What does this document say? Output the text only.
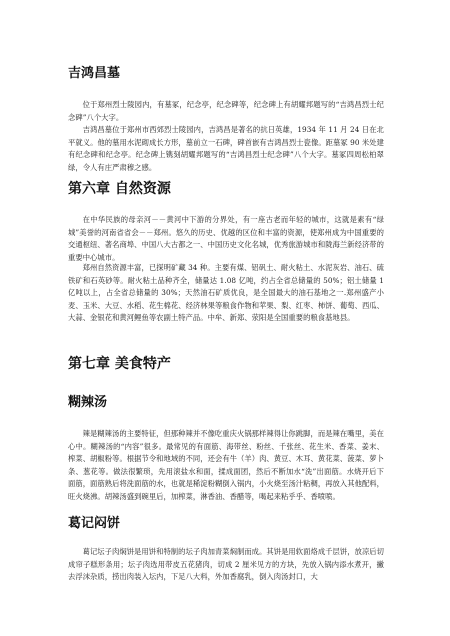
吉鸿昌墓

位于郑州烈士陵园内，有墓冢，纪念亭，纪念碑等，纪念碑上有胡耀邦题写的“吉鸿昌烈士纪念碑”八个大字。

吉鸿昌墓位于郑州市西郊烈士陵园内，吉鸿昌是著名的抗日英雄，1934 年 11 月 24 日在北平就义。他的墓用水泥砌成长方形，墓前立一石碑，碑首嵌有吉鸿昌烈士瓷像。距墓冢 90 米处建有纪念碑和纪念亭。纪念碑上镌刻胡耀邦题写的“吉鸿昌烈士纪念碑”八个大字。墓冢四周松柏翠绿，令人有庄严肃穆之感。

第六章 自然资源

在中华民族的母亲河－－黄河中下游的分界处，有一座古老而年轻的城市，这就是素有“绿城”美誉的河南省省会－－郑州。悠久的历史、优越的区位和丰富的资源，使郑州成为中国重要的交通枢纽、著名商埠、中国八大古都之一、中国历史文化名城，优秀旅游城市和陇海兰新经济带的重要中心城市。

郑州自然资源丰富，已探明矿藏 34 种。主要有煤、铝矾土、耐火粘土、水泥灰岩、油石、硫铁矿和石英砂等。耐火粘土品种齐全，储量达 1.08 亿吨，约占全省总储量的 50%；铝土储量 1 亿吨以上，占全省总储量的 30%；天然油石矿质优良，是全国最大的油石基地之一.郑州盛产小麦、玉米、大豆、水稻、花生棉花、经济林果等粮食作物和苹果、梨、红枣、柿饼、葡萄、西瓜、大蒜、金银花和黄河鲤鱼等农副土特产品。中牟、新郑、荥阳是全国重要的粮食基地县。

第七章 美食特产
糊辣汤

辣是糊辣汤的主要特征，但那种辣并不像吃重庆火锅那样辣得让你跳脚，而是辣在嘴里，美在心中。糊辣汤的“内容”很多。最常见的有面筋、海带丝、粉丝、千张丝、花生米、香菜、姜末、榨菜、胡椒粉等。根据节令和地域的不同，还会有牛（羊）肉、黄豆、木耳、黄花菜、菠菜、萝卜条、葱花等。做法很繁琐，先用滚盐水和面，揉成面团，然后不断加水“洗”出面筋。水烧开后下面筋，面筋熟后将洗面筋的水，也就是稀淀粉糊倒入锅内，小火烧至汤汁粘稠，再放入其他配料，旺火烧沸。胡辣汤盛到碗里后，加榨菜，淋香油、香醋等，喝起来粘乎乎、香喷喷。

葛记闷饼

葛记坛子肉焖饼是用饼和特制的坛子肉加青菜焖制而成。其饼是用软面烙成千层饼，放凉后切成帘子糕形条用；坛子肉选用带皮五花猪肉，切成 2 厘米见方的方块，先放入锅内添水煮开，撇去浮沫杂质，捞出肉装入坛内，下足八大料，外加香腐乳，倒入肉汤封口，大
